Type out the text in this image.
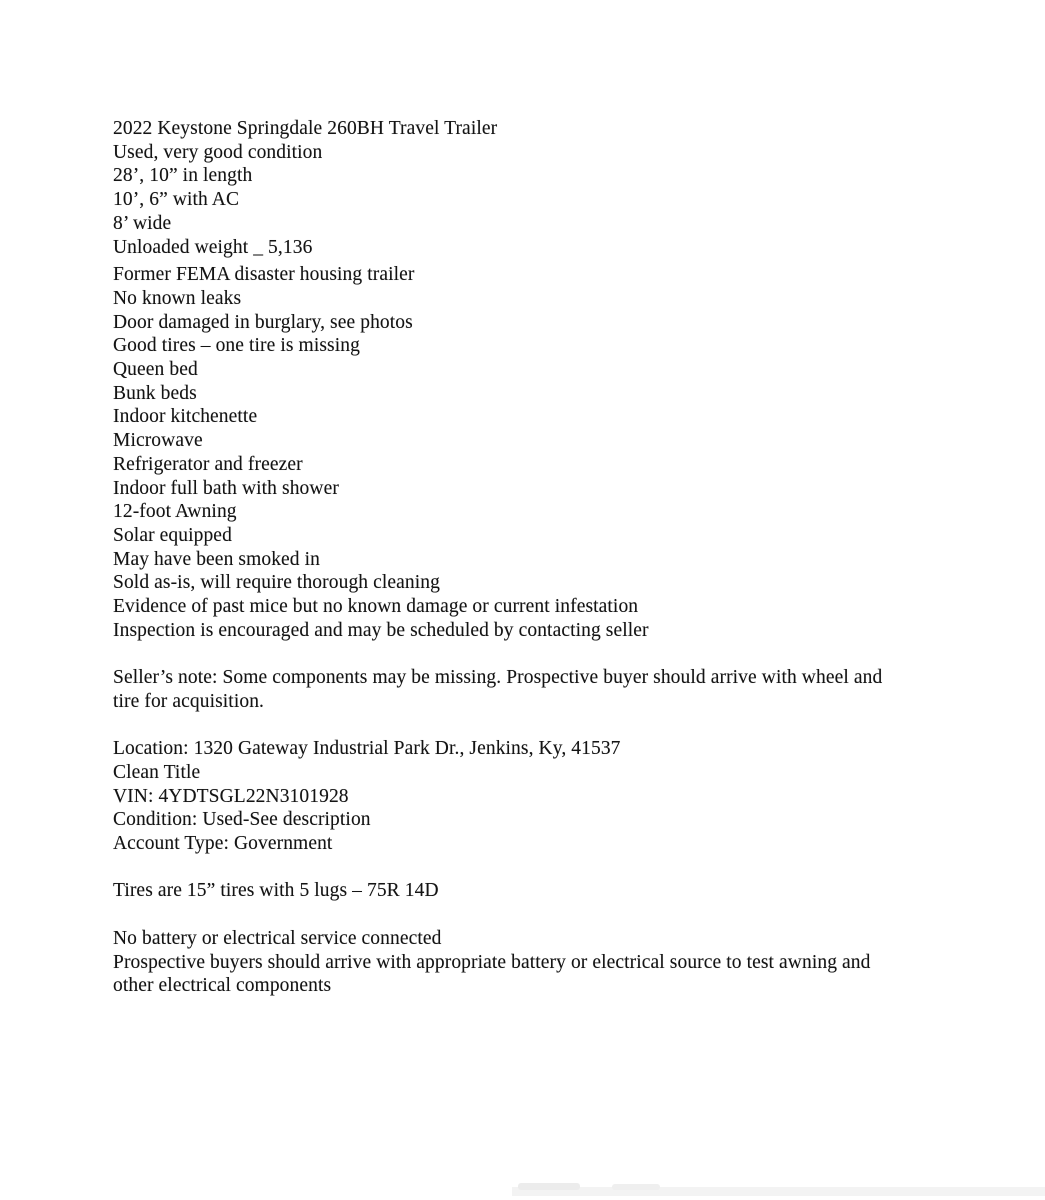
2022 Keystone Springdale 260BH Travel Trailer
Used, very good condition
28’, 10” in length
10’, 6” with AC
8’ wide
Unloaded weight _ 5,136
Former FEMA disaster housing trailer
No known leaks
Door damaged in burglary, see photos
Good tires – one tire is missing
Queen bed
Bunk beds
Indoor kitchenette
Microwave
Refrigerator and freezer
Indoor full bath with shower
12-foot Awning
Solar equipped
May have been smoked in
Sold as-is, will require thorough cleaning
Evidence of past mice but no known damage or current infestation
Inspection is encouraged and may be scheduled by contacting seller
Seller’s note: Some components may be missing. Prospective buyer should arrive with wheel and
tire for acquisition.
Location: 1320 Gateway Industrial Park Dr., Jenkins, Ky, 41537
Clean Title
VIN: 4YDTSGL22N3101928
Condition: Used-See description
Account Type: Government
Tires are 15” tires with 5 lugs – 75R 14D
No battery or electrical service connected
Prospective buyers should arrive with appropriate battery or electrical source to test awning and
other electrical components
